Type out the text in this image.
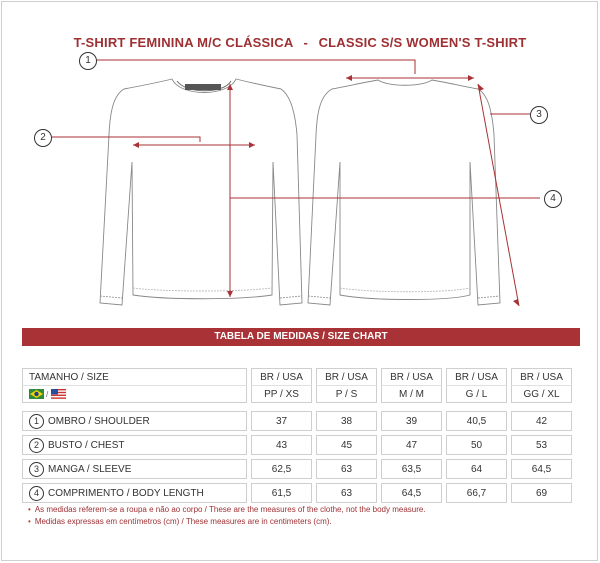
T-SHIRT FEMININA M/C CLÁSSICA - CLASSIC S/S WOMEN'S T-SHIRT
1
2
3
4
TABELA DE MEDIDAS / SIZE CHART
TAMANHO / SIZE	BR / USA	BR / USA	BR / USA	BR / USA	BR / USA

/	PP / XS	P / S	M / M	G / L	GG / XL
1 OMBRO / SHOULDER	37	38	39	40,5	42
2 BUSTO / CHEST	43	45	47	50	53
3 MANGA / SLEEVE	62,5	63	63,5	64	64,5
4 COMPRIMENTO / BODY LENGTH	61,5	63	64,5	66,7	69
• As medidas referem-se a roupa e não ao corpo / These are the measures of the clothe, not the body measure.
• Medidas expressas em centímetros (cm) / These measures are in centimeters (cm).
